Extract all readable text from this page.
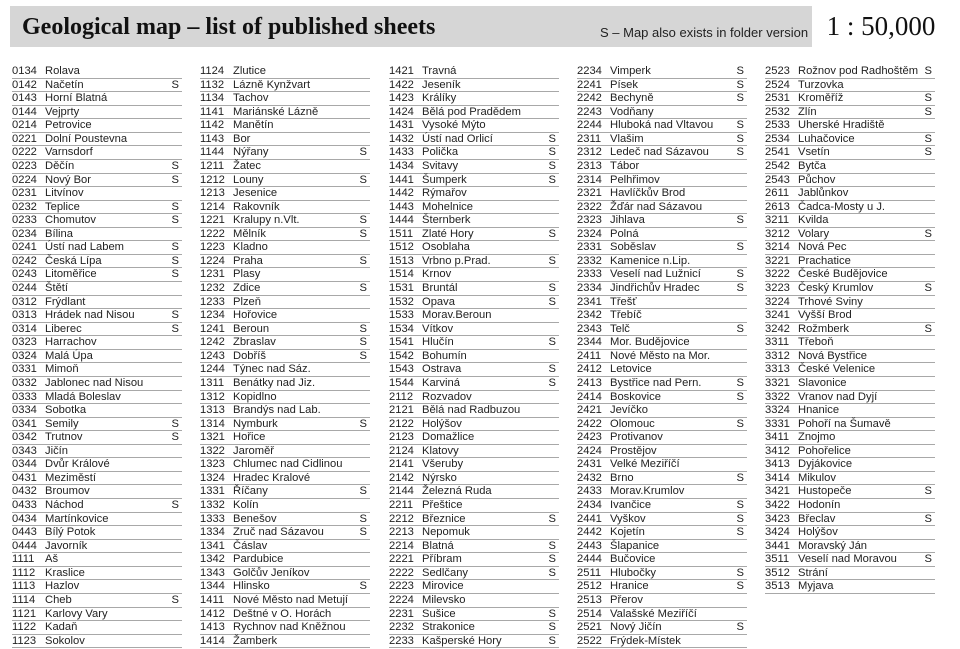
Geological map – list of published sheets	S – Map also exists in folder version 1 : 50,000
0134 Rolava
0142 Načetín	S
0143 Horní Blatná
0144 Vejprty
0214 Petrovice
0221 Dolní Poustevna
0222 Varnsdorf
0223 Děčín	S
0224 Nový Bor	S
0231 Litvínov
0232 Teplice	S
0233 Chomutov	S
0234 Bílina
0241 Ústí nad Labem	S
0242 Česká Lípa	S
0243 Litoměřice	S
0244 Štětí
0312 Frýdlant
0313 Hrádek nad Nisou	S
0314 Liberec	S
0323 Harrachov
0324 Malá Úpa
0331 Mimoň
0332 Jablonec nad Nisou
0333 Mladá Boleslav
0334 Sobotka
0341 Semily	S
0342 Trutnov	S
0343 Jičín
0344 Dvůr Králové
0431 Meziměstí
0432 Broumov
0433 Náchod	S
0434 Martínkovice
0443 Bílý Potok
0444 Javorník
1111 Aš
1112 Kraslice
1113 Hazlov
1114 Cheb	S
1121 Karlovy Vary
1122 Kadaň
1123 Sokolov
1124 Zlutice
1132 Lázně Kynžvart
1134 Tachov
1141 Mariánské Lázně
1142 Manětín
1143 Bor
1144 Nýřany	S
1211 Žatec
1212 Louny	S
1213 Jesenice
1214 Rakovník
1221 Kralupy n.Vlt.	S
1222 Mělník	S
1223 Kladno
1224 Praha	S
1231 Plasy
1232 Zdice	S
1233 Plzeň
1234 Hořovice
1241 Beroun	S
1242 Zbraslav	S
1243 Dobříš	S
1244 Týnec nad Sáz.
1311 Benátky nad Jiz.
1312 Kopidlno
1313 Brandýs nad Lab.
1314 Nymburk	S
1321 Hořice
1322 Jaroměř
1323 Chlumec nad Cidlinou
1324 Hradec Kralové
1331 Říčany	S
1332 Kolín
1333 Benešov	S
1334 Zruč nad Sázavou	S
1341 Čáslav
1342 Pardubice
1343 Golčův Jeníkov
1344 Hlinsko	S
1411 Nové Město nad Metují
1412 Deštné v O. Horách
1413 Rychnov nad Kněžnou
1414 Žamberk
1421 Travná
1422 Jeseník
1423 Králíky
1424 Bělá pod Pradědem
1431 Vysoké Mýto
1432 Ústí nad Orlicí	S
1433 Polička	S
1434 Svitavy	S
1441 Šumperk	S
1442 Rýmařov
1443 Mohelnice
1444 Šternberk
1511 Zlaté Hory	S
1512 Osoblaha
1513 Vrbno p.Prad.	S
1514 Krnov
1531 Bruntál	S
1532 Opava	S
1533 Morav.Beroun
1534 Vítkov
1541 Hlučín	S
1542 Bohumín
1543 Ostrava	S
1544 Karviná	S
2112 Rozvadov
2121 Bělá nad Radbuzou
2122 Holýšov
2123 Domažlice
2124 Klatovy
2141 Všeruby
2142 Nýrsko
2144 Železná Ruda
2211 Přeštice
2212 Březnice	S
2213 Nepomuk
2214 Blatná	S
2221 Příbram	S
2222 Sedlčany	S
2223 Mirovice
2224 Milevsko
2231 Sušice	S
2232 Strakonice	S
2233 Kašperské Hory	S
2234 Vimperk	S
2241 Písek	S
2242 Bechyně	S
2243 Vodňany
2244 Hluboká nad Vltavou S
2311 Vlašim	S
2312 Ledeč nad Sázavou S
2313 Tábor
2314 Pelhřimov
2321 Havlíčkův Brod
2322 Žďár nad Sázavou
2323 Jihlava	S
2324 Polná
2331 Soběslav	S
2332 Kamenice n.Lip.
2333 Veselí nad Lužnicí	S
2334 Jindřichův Hradec	S
2341 Třešť
2342 Třebíč
2343 Telč	S
2344 Mor. Budějovice
2411 Nové Město na Mor.
2412 Letovice
2413 Bystřice nad Pern.	S
2414 Boskovice	S
2421 Jevíčko
2422 Olomouc	S
2423 Protivanov
2424 Prostějov
2431 Velké Meziříčí
2432 Brno	S
2433 Morav.Krumlov
2434 Ivančice	S
2441 Vyškov	S
2442 Kojetín	S
2443 Šlapanice
2444 Bučovice
2511 Hlubočky	S
2512 Hranice	S
2513 Přerov
2514 Valašské Meziříčí
2521 Nový Jičín	S
2522 Frýdek-Místek
2523 Rožnov pod Radhoštěm S
2524 Turzovka
2531 Kroměříž	S
2532 Zlín	S
2533 Uherské Hradiště
2534 Luhačovice	S
2541 Vsetín	S
2542 Bytča
2543 Půchov
2611 Jablůnkov
2613 Čadca-Mosty u J.
3211 Kvilda
3212 Volary	S
3214 Nová Pec
3221 Prachatice
3222 České Budějovice
3223 Český Krumlov	S
3224 Trhové Sviny
3241 Vyšší Brod
3242 Rožmberk	S
3311 Třeboň
3312 Nová Bystřice
3313 České Velenice
3321 Slavonice
3322 Vranov nad Dyjí
3324 Hnanice
3331 Pohoří na Šumavě
3411 Znojmo
3412 Pohořelice
3413 Dyjákovice
3414 Mikulov
3421 Hustopeče	S
3422 Hodonín
3423 Břeclav	S
3424 Holýšov
3441 Moravský Ján
3511 Veselí nad Moravou S
3512 Strání
3513 Myjava
